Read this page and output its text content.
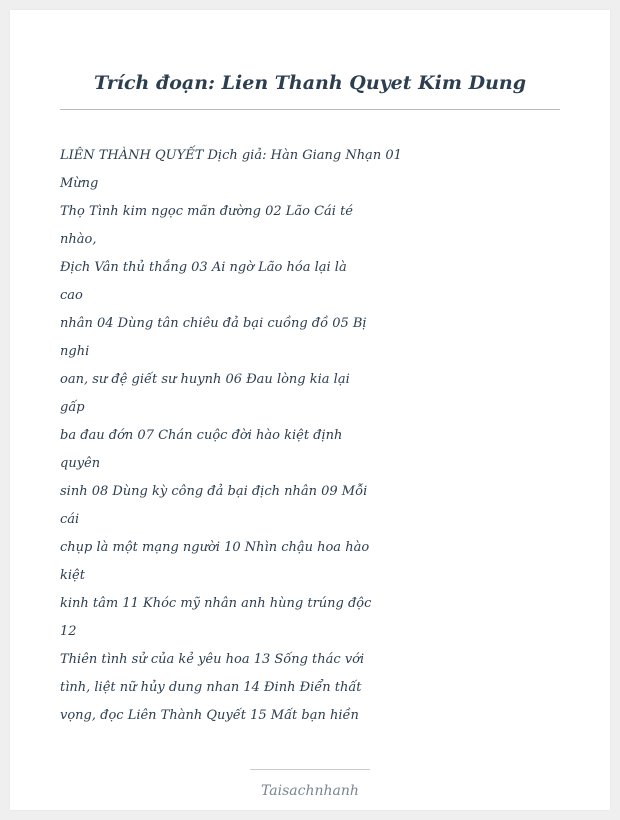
Trích đoạn: Lien Thanh Quyet Kim Dung
LIÊN THÀNH QUYẾT Dịch giả: Hàn Giang Nhạn 01
Mừng
Thọ Tình kim ngọc mãn đường 02 Lão Cái té
nhào,
Địch Vân thủ thắng 03 Ai ngờ Lão hóa lại là
cao
nhân 04 Dùng tân chiêu đả bại cuồng đồ 05 Bị
nghi
oan, sư đệ giết sư huynh 06 Đau lòng kia lại
gấp
ba đau đớn 07 Chán cuộc đời hào kiệt định
quyên
sinh 08 Dùng kỳ công đả bại địch nhân 09 Mỗi
cái
chụp là một mạng người 10 Nhìn chậu hoa hào
kiệt
kinh tâm 11 Khóc mỹ nhân anh hùng trúng độc
12
Thiên tình sử của kẻ yêu hoa 13 Sống thác với
tình, liệt nữ hủy dung nhan 14 Đinh Điển thất
vọng, đọc Liên Thành Quyết 15 Mất bạn hiền
Taisachnhanh
